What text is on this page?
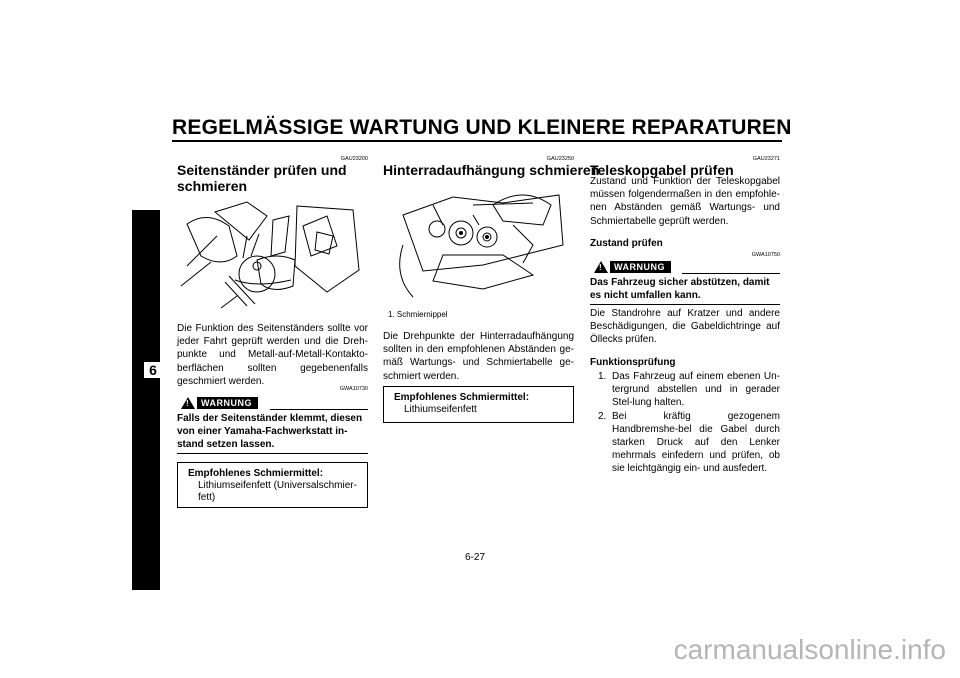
REGELMÄSSIGE WARTUNG UND KLEINERE REPARATUREN
6
GAU23200
Seitenständer prüfen und schmieren
Die Funktion des Seitenständers sollte vor jeder Fahrt geprüft werden und die Dreh-punkte und Metall-auf-Metall-Kontakto-berflächen sollten gegebenenfalls geschmiert werden.
GWA10730
!	WARNUNG
Falls der Seitenständer klemmt, diesen von einer Yamaha-Fachwerkstatt in-stand setzen lassen.
Empfohlenes Schmiermittel:
Lithiumseifenfett (Universalschmier-fett)
GAU23250
Hinterradaufhängung schmieren
1. Schmiernippel
Die Drehpunkte der Hinterradaufhängung sollten in den empfohlenen Abständen ge-mäß Wartungs- und Schmiertabelle ge-schmiert werden.
Empfohlenes Schmiermittel:
Lithiumseifenfett
GAU23271
Teleskopgabel prüfen
Zustand und Funktion der Teleskopgabel müssen folgendermaßen in den empfohle-nen Abständen gemäß Wartungs- und Schmiertabelle geprüft werden.
Zustand prüfen
GWA10750
!	WARNUNG
Das Fahrzeug sicher abstützen, damit es nicht umfallen kann.
Die Standrohre auf Kratzer und andere Beschädigungen, die Gabeldichtringe auf Öllecks prüfen.
Funktionsprüfung
1. Das Fahrzeug auf einem ebenen Un-tergrund abstellen und in gerader Stel-lung halten.
2. Bei kräftig gezogenem Handbremshe-bel die Gabel durch starken Druck auf den Lenker mehrmals einfedern und prüfen, ob sie leichtgängig ein- und ausfedert.
6-27
carmanualsonline.info
